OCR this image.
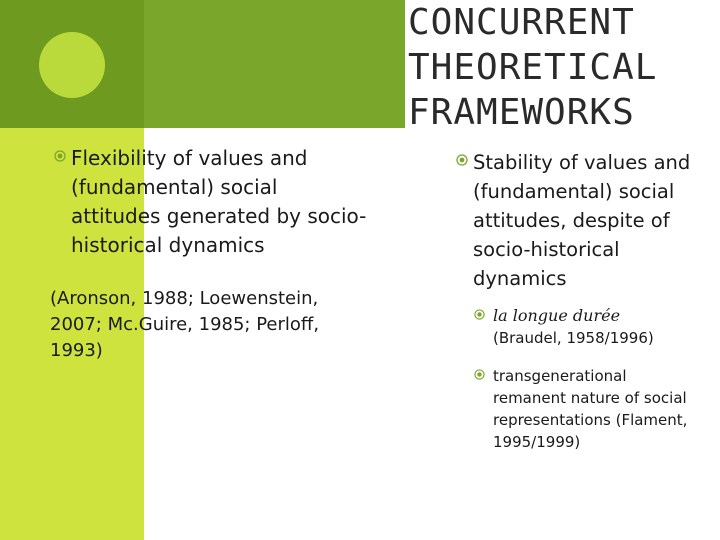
CONCURRENT
THEORETICAL
FRAMEWORKS

Flexibility of values and (fundamental) social attitudes generated by socio-historical dynamics

(Aronson, 1988; Loewenstein, 2007; Mc.Guire, 1985; Perloff, 1993)

Stability of values and (fundamental) social attitudes, despite of socio-historical dynamics

la longue durée
(Braudel, 1958/1996)
transgenerational remanent nature of social representations (Flament, 1995/1999)
